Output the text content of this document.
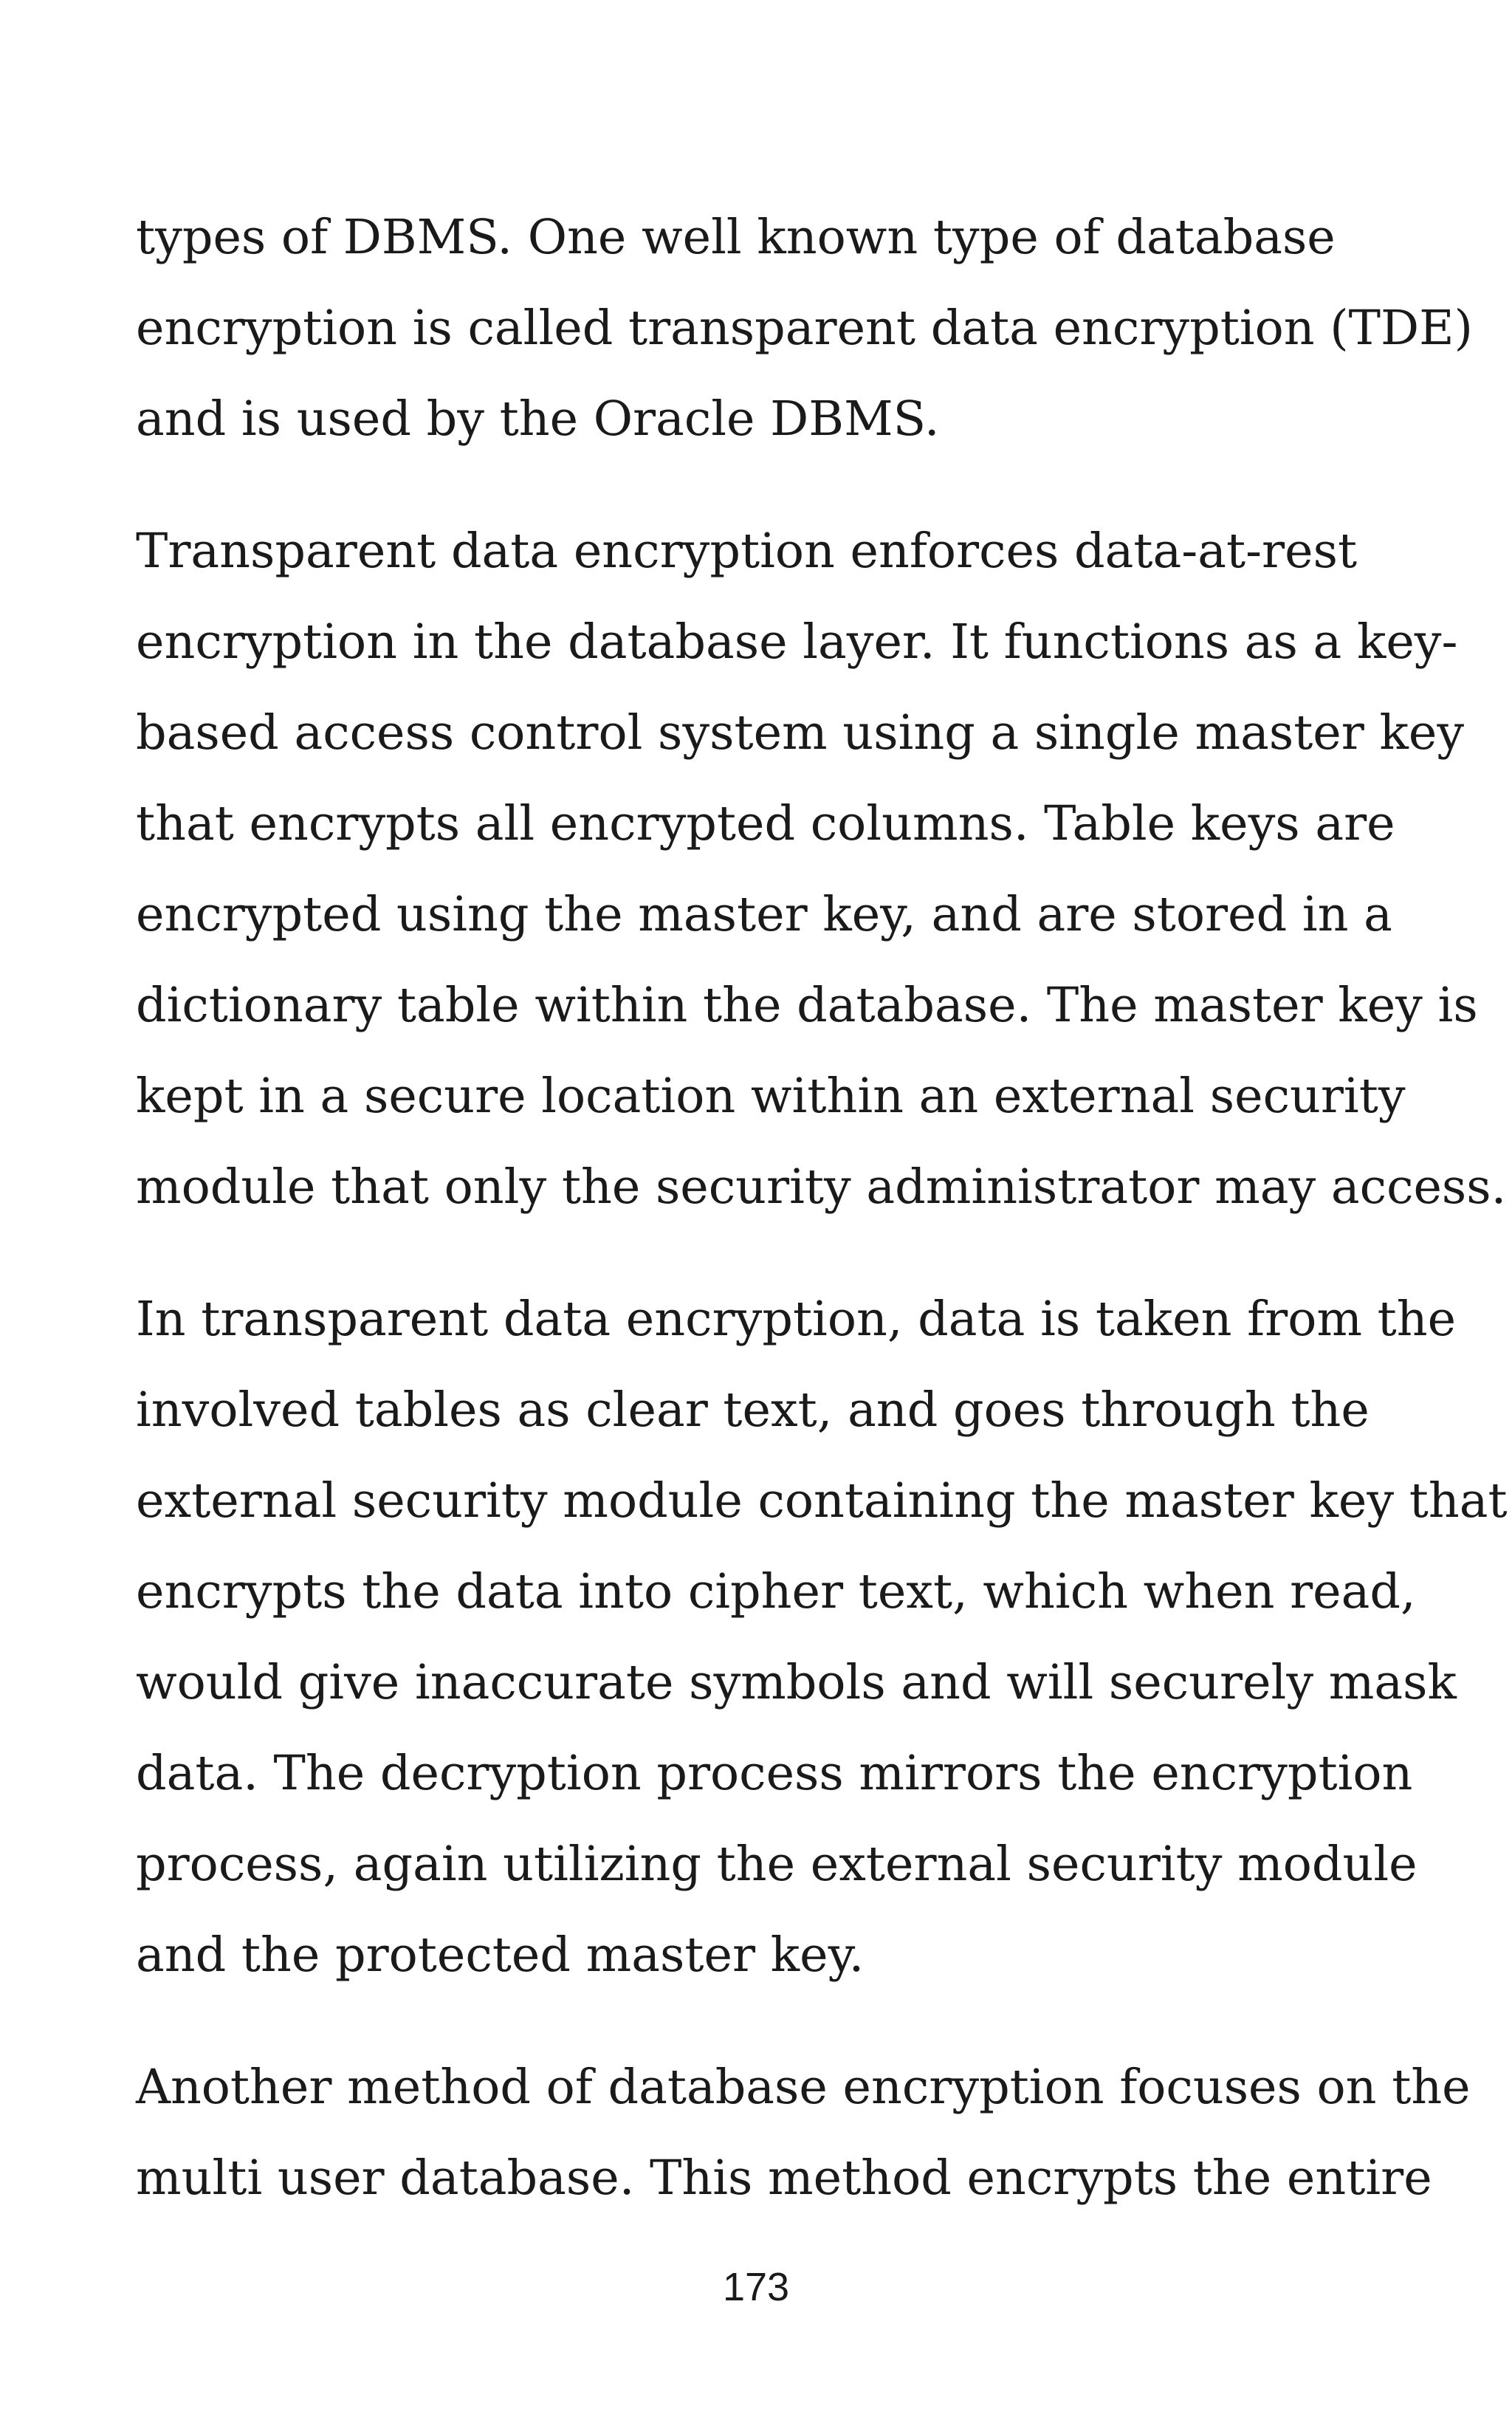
types of DBMS. One well known type of database
encryption is called transparent data encryption (TDE)
and is used by the Oracle DBMS.

Transparent data encryption enforces data-at-rest
encryption in the database layer. It functions as a key-
based access control system using a single master key
that encrypts all encrypted columns. Table keys are
encrypted using the master key, and are stored in a
dictionary table within the database. The master key is
kept in a secure location within an external security
module that only the security administrator may access.

In transparent data encryption, data is taken from the
involved tables as clear text, and goes through the
external security module containing the master key that
encrypts the data into cipher text, which when read,
would give inaccurate symbols and will securely mask
data. The decryption process mirrors the encryption
process, again utilizing the external security module
and the protected master key.

Another method of database encryption focuses on the
multi user database. This method encrypts the entire

173
